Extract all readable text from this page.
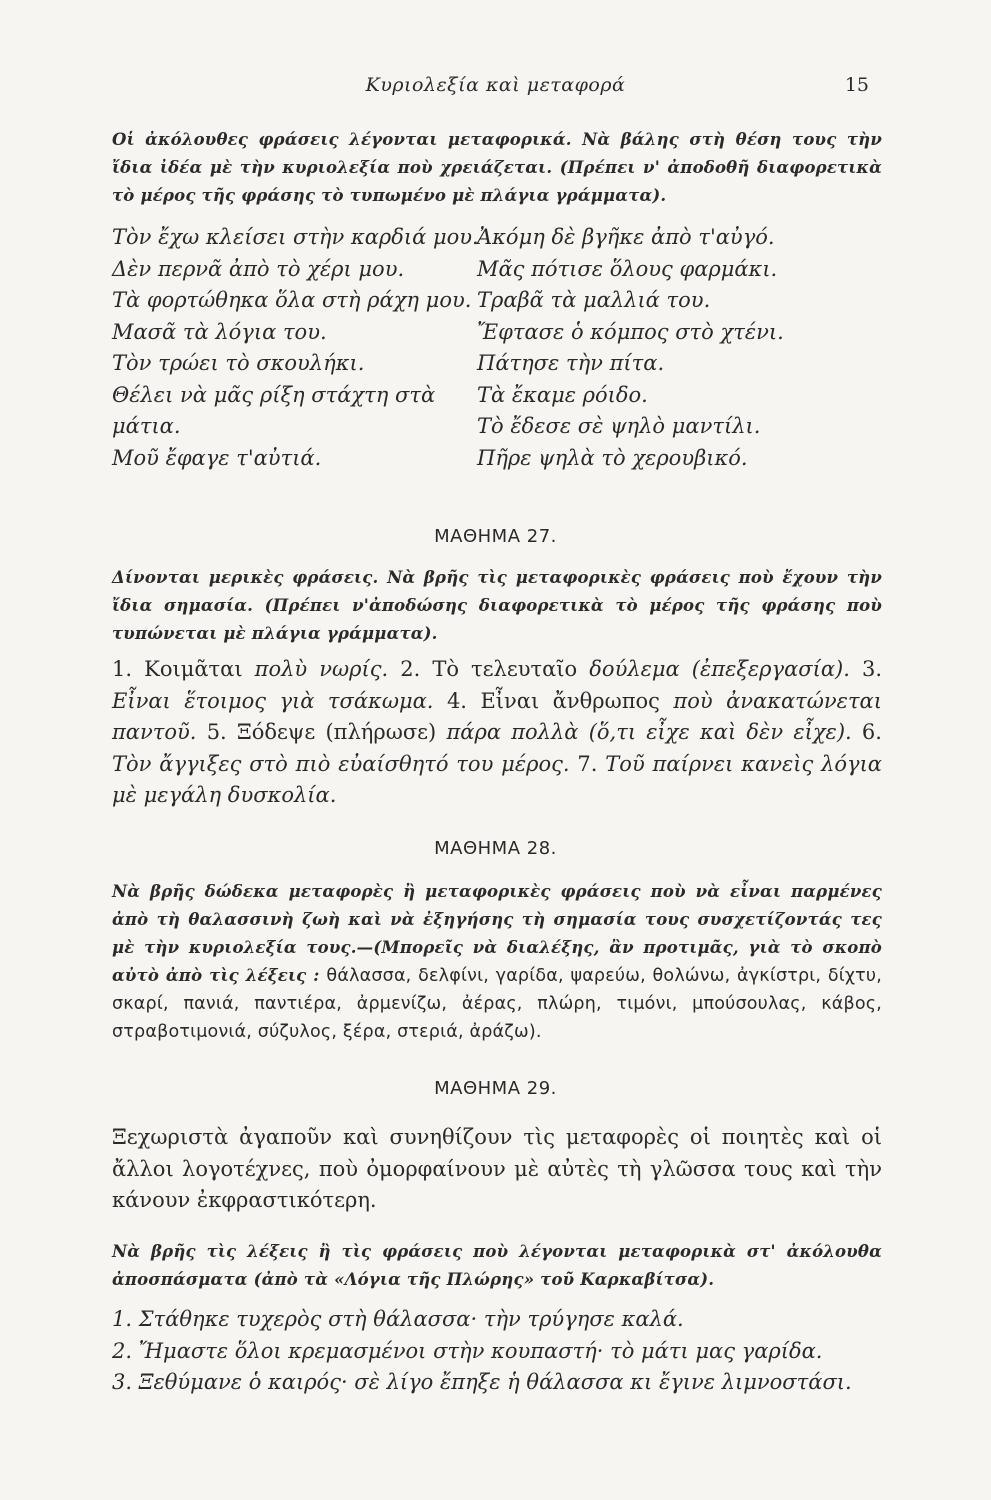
Κυριολεξία καὶ μεταφορά	15
Οἱ ἀκόλουθες φράσεις λέγονται μεταφορικά. Νὰ βάλης στὴ θέση τους τὴν ἴδια ἰδέα μὲ τὴν κυριολεξία ποὺ χρειάζεται. (Πρέπει ν' ἀποδοθῆ διαφορετικὰ τὸ μέρος τῆς φράσης τὸ τυπωμένο μὲ πλάγια γράμματα).
Τὸν ἔχω κλείσει στὴν καρδιά μου.
Δὲν περνᾶ ἀπὸ τὸ χέρι μου.
Τὰ φορτώθηκα ὅλα στὴ ράχη μου.
Μασᾶ τὰ λόγια του.
Τὸν τρώει τὸ σκουλήκι.
Θέλει νὰ μᾶς ρίξη στάχτη στὰ
μάτια.
Μοῦ ἔφαγε τ'αὐτιά.
Ἀκόμη δὲ βγῆκε ἀπὸ τ'αὐγό.
Μᾶς πότισε ὅλους φαρμάκι.
Τραβᾶ τὰ μαλλιά του.
Ἔφτασε ὁ κόμπος στὸ χτένι.
Πάτησε τὴν πίτα.
Τὰ ἔκαμε ρόιδο.
Τὸ ἔδεσε σὲ ψηλὸ μαντίλι.
Πῆρε ψηλὰ τὸ χερουβικό.
ΜΑΘΗΜΑ 27.
Δίνονται μερικὲς φράσεις. Νὰ βρῆς τὶς μεταφορικὲς φράσεις ποὺ ἔχουν τὴν ἴδια σημασία. (Πρέπει ν'ἀποδώσης διαφορετικὰ τὸ μέρος τῆς φράσης ποὺ τυπώνεται μὲ πλάγια γράμματα).
1. Κοιμᾶται πολὺ νωρίς. 2. Τὸ τελευταῖο δούλεμα (ἐπεξεργασία). 3. Εἶναι ἕτοιμος γιὰ τσάκωμα. 4. Εἶναι ἄνθρωπος ποὺ ἀνακατώνεται παντοῦ. 5. Ξόδεψε (πλήρωσε) πάρα πολλὰ (ὅ,τι εἶχε καὶ δὲν εἶχε). 6. Τὸν ἄγγιξες στὸ πιὸ εὐαίσθητό του μέρος. 7. Τοῦ παίρνει κανεὶς λόγια μὲ μεγάλη δυσκολία.
ΜΑΘΗΜΑ 28.
Νὰ βρῆς δώδεκα μεταφορὲς ἢ μεταφορικὲς φράσεις ποὺ νὰ εἶναι παρμένες ἀπὸ τὴ θαλασσινὴ ζωὴ καὶ νὰ ἐξηγήσης τὴ σημασία τους συσχετίζοντάς τες μὲ τὴν κυριολεξία τους.—(Μπορεῖς νὰ διαλέξης, ἂν προτιμᾶς, γιὰ τὸ σκοπὸ αὐτὸ ἀπὸ τὶς λέξεις : θάλασσα, δελφίνι, γαρίδα, ψαρεύω, θολώνω, ἀγκίστρι, δίχτυ, σκαρί, πανιά, παντιέρα, ἀρμενίζω, ἀέρας, πλώρη, τιμόνι, μπούσουλας, κάβος, στραβοτιμονιά, σύζυλος, ξέρα, στεριά, ἀράζω).
ΜΑΘΗΜΑ 29.
Ξεχωριστὰ ἀγαποῦν καὶ συνηθίζουν τὶς μεταφορὲς οἱ ποιητὲς καὶ οἱ ἄλλοι λογοτέχνες, ποὺ ὀμορφαίνουν μὲ αὐτὲς τὴ γλῶσσα τους καὶ τὴν κάνουν ἐκφραστικότερη.
Νὰ βρῆς τὶς λέξεις ἢ τὶς φράσεις ποὺ λέγονται μεταφορικὰ στ' ἀκόλουθα ἀποσπάσματα (ἀπὸ τὰ «Λόγια τῆς Πλώρης» τοῦ Καρκαβίτσα).
1. Στάθηκε τυχερὸς στὴ θάλασσα· τὴν τρύγησε καλά.
2. Ἤμαστε ὅλοι κρεμασμένοι στὴν κουπαστή· τὸ μάτι μας γαρίδα.
3. Ξεθύμανε ὁ καιρός· σὲ λίγο ἔπηξε ἡ θάλασσα κι ἔγινε λιμνοστάσι.
